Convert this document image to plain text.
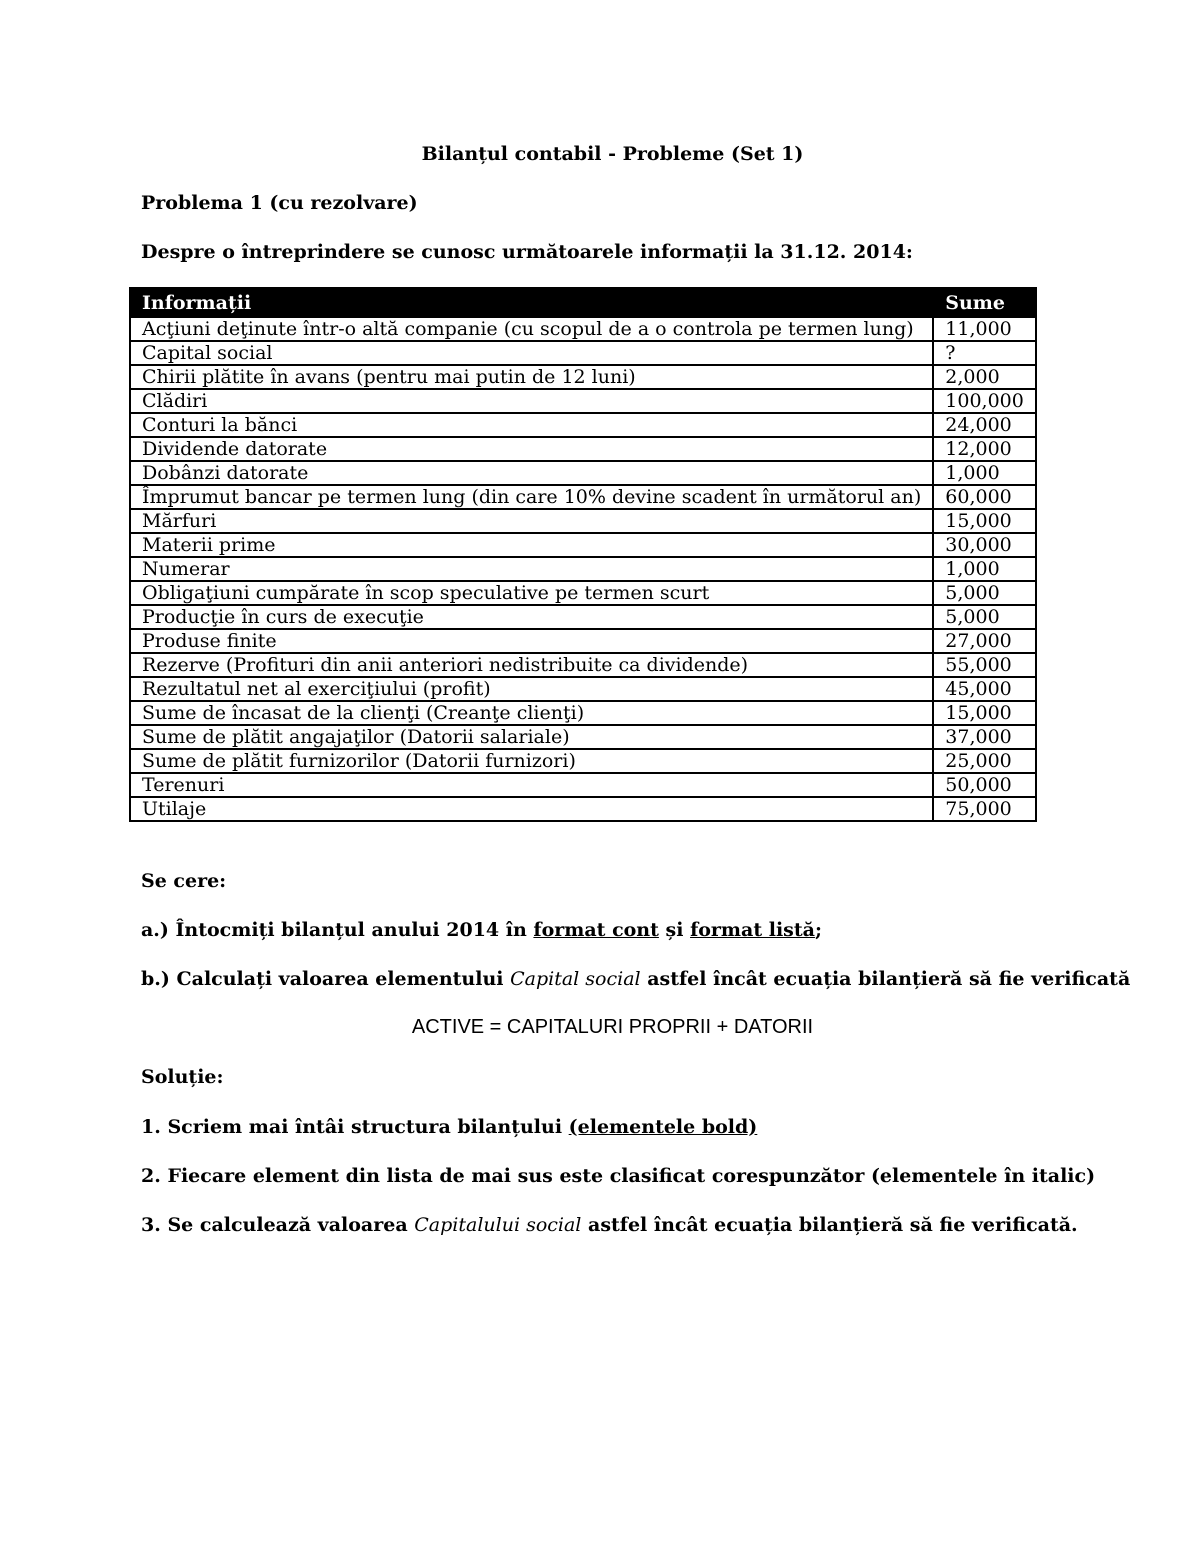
Bilanțul contabil - Probleme (Set 1)
Problema 1 (cu rezolvare)
Despre o întreprindere se cunosc următoarele informații la 31.12. 2014:
Informații	Sume
Acţiuni deţinute într-o altă companie (cu scopul de a o controla pe termen lung)	11,000
Capital social	?
Chirii plătite în avans (pentru mai putin de 12 luni)	2,000
Clădiri	100,000
Conturi la bănci	24,000
Dividende datorate	12,000
Dobânzi datorate	1,000
Împrumut bancar pe termen lung (din care 10% devine scadent în următorul an)	60,000
Mărfuri	15,000
Materii prime	30,000
Numerar	1,000
Obligaţiuni cumpărate în scop speculative pe termen scurt	5,000
Producţie în curs de execuţie	5,000
Produse finite	27,000
Rezerve (Profituri din anii anteriori nedistribuite ca dividende)	55,000
Rezultatul net al exerciţiului (profit)	45,000
Sume de încasat de la clienţi (Creanţe clienţi)	15,000
Sume de plătit angajaţilor (Datorii salariale)	37,000
Sume de plătit furnizorilor (Datorii furnizori)	25,000
Terenuri	50,000
Utilaje	75,000
Se cere:
a.) Întocmiți bilanțul anului 2014 în format cont și format listă;
b.) Calculați valoarea elementului Capital social astfel încât ecuația bilanțieră să fie verificată
ACTIVE = CAPITALURI PROPRII + DATORII
Soluție:
1. Scriem mai întâi structura bilanțului (elementele bold)
2. Fiecare element din lista de mai sus este clasificat corespunzător (elementele în italic)
3. Se calculează valoarea Capitalului social astfel încât ecuația bilanțieră să fie verificată.
